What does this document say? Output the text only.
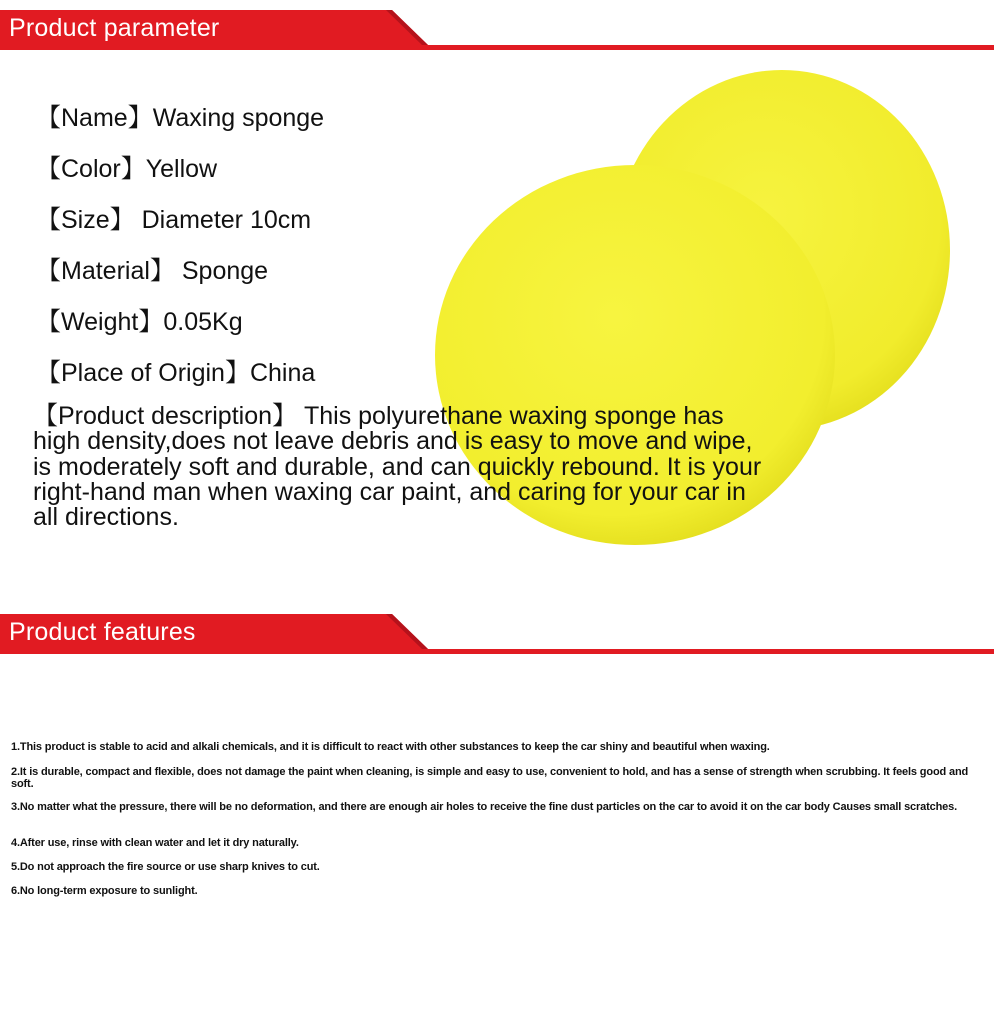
Product parameter
【Name】Waxing sponge
【Color】Yellow
【Size】 Diameter 10cm
【Material】 Sponge
【Weight】0.05Kg
【Place of Origin】China
【Product description】 This polyurethane waxing sponge has high density,does not leave debris and is easy to move and wipe, is moderately soft and durable, and can quickly rebound. It is your right-hand man when waxing car paint, and caring for your car in all directions.
Product features
1.This product is stable to acid and alkali chemicals, and it is difficult to react with other substances to keep the car shiny and beautiful when waxing.
2.It is durable, compact and flexible, does not damage the paint when cleaning, is simple and easy to use, convenient to hold, and has a sense of strength when scrubbing. It feels good and soft.
3.No matter what the pressure, there will be no deformation, and there are enough air holes to receive the fine dust particles on the car to avoid it on the car body Causes small scratches.
4.After use, rinse with clean water and let it dry naturally.
5.Do not approach the fire source or use sharp knives to cut.
6.No long-term exposure to sunlight.
